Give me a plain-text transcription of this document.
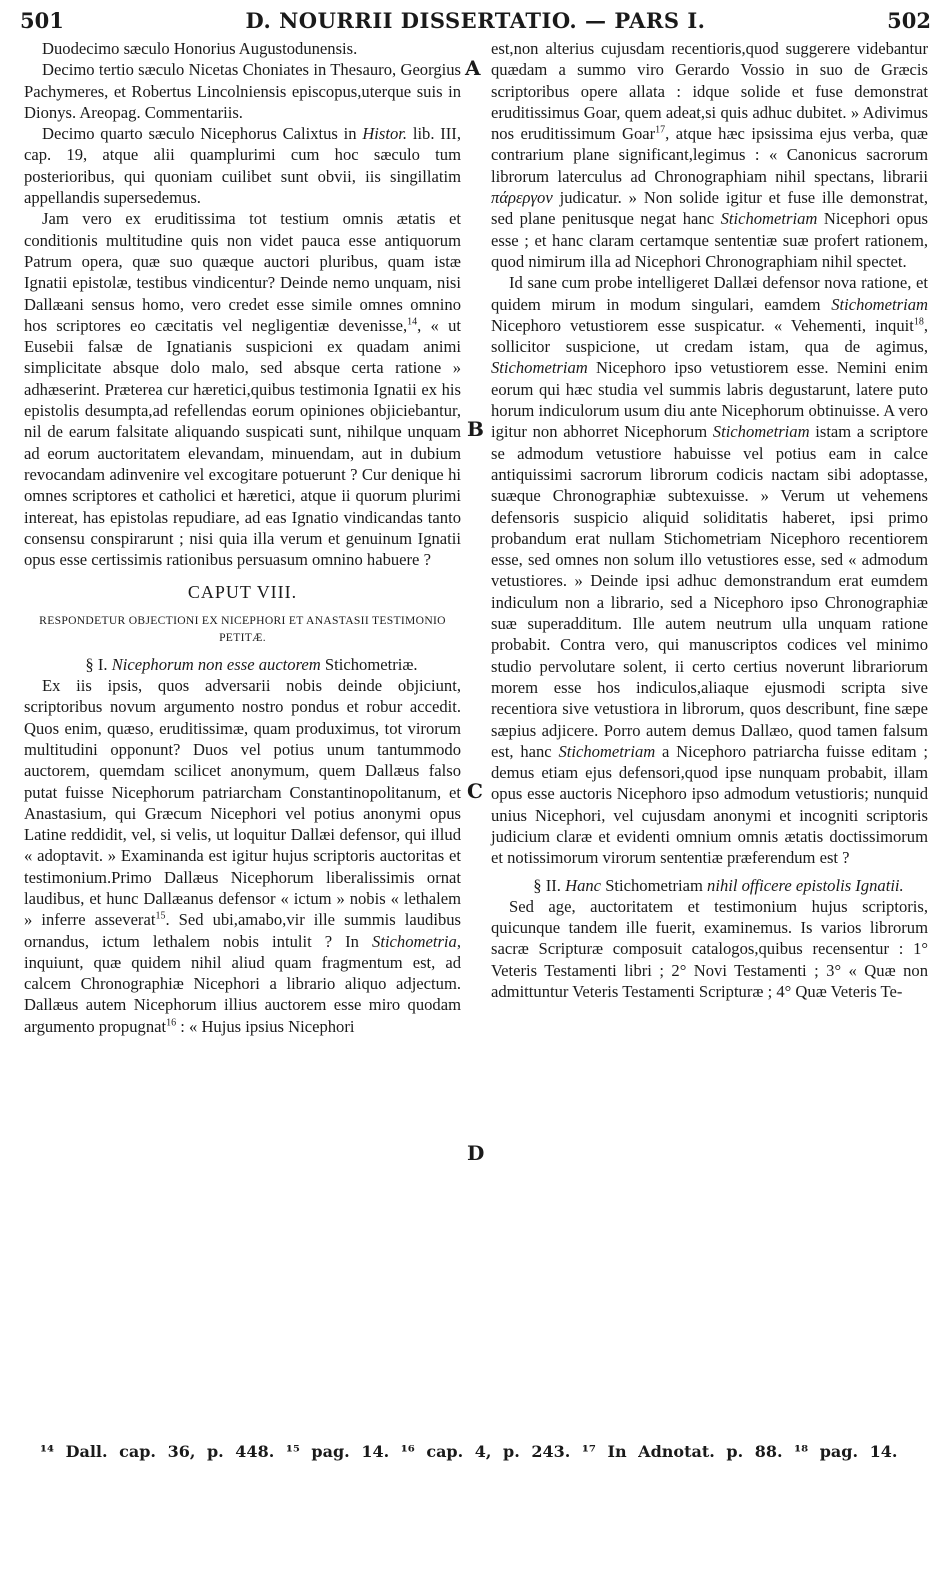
501	D. NOURRII DISSERTATIO. — PARS I.	502
A
B
C
D

Duodecimo sæculo Honorius Augustodunensis.

Decimo tertio sæculo Nicetas Choniates in Thesauro, Georgius Pachymeres, et Robertus Lincolniensis episcopus,uterque suis in Dionys. Areopag. Commentariis.

Decimo quarto sæculo Nicephorus Calixtus in Histor. lib. III, cap. 19, atque alii quamplurimi cum hoc sæculo tum posterioribus, qui quoniam cuilibet sunt obvii, iis singillatim appellandis supersedemus.

Jam vero ex eruditissima tot testium omnis ætatis et conditionis multitudine quis non videt pauca esse antiquorum Patrum opera, quæ suo quæque auctori pluribus, quam istæ Ignatii epistolæ, testibus vindicentur? Deinde nemo unquam, nisi Dallæani sensus homo, vero credet esse simile omnes omnino hos scriptores eo cæcitatis vel negligentiæ devenisse,$^{14}$, « ut Eusebii falsæ de Ignatianis suspicioni ex quadam animi simplicitate absque dolo malo, sed absque certa ratione » adhæserint. Præterea cur hæretici,quibus testimonia Ignatii ex his epistolis desumpta,ad refellendas eorum opiniones objiciebantur, nil de earum falsitate aliquando suspicati sunt, nihilque unquam ad eorum auctoritatem elevandam, minuendam, aut in dubium revocandam adinvenire vel excogitare potuerunt ? Cur denique hi omnes scriptores et catholici et hæretici, atque ii quorum plurimi intereat, has epistolas repudiare, ad eas Ignatio vindicandas tanto consensu conspirarunt ; nisi quia illa verum et genuinum Ignatii opus esse certissimis rationibus persuasum omnino habuere ?

CAPUT VIII.
RESPONDETUR OBJECTIONI EX NICEPHORI ET ANASTASII TESTIMONIO PETITÆ.

§ I. Nicephorum non esse auctorem Stichometriæ.

Ex iis ipsis, quos adversarii nobis deinde objiciunt, scriptoribus novum argumento nostro pondus et robur accedit. Quos enim, quæso, eruditissimæ, quam produximus, tot virorum multitudini opponunt? Duos vel potius unum tantummodo auctorem, quemdam scilicet anonymum, quem Dallæus falso putat fuisse Nicephorum patriarcham Constantinopolitanum, et Anastasium, qui Græcum Nicephori vel potius anonymi opus Latine reddidit, vel, si velis, ut loquitur Dallæi defensor, qui illud « adoptavit. » Examinanda est igitur hujus scriptoris auctoritas et testimonium.Primo Dallæus Nicephorum liberalissimis ornat laudibus, et hunc Dallæanus defensor « ictum » nobis « lethalem » inferre asseverat$^{15}$. Sed ubi,amabo,vir ille summis laudibus ornandus, ictum lethalem nobis intulit ? In Stichometria, inquiunt, quæ quidem nihil aliud quam fragmentum est, ad calcem Chronographiæ Nicephori a librario aliquo adjectum. Dallæus autem Nicephorum illius auctorem esse miro quodam argumento propugnat$^{16}$ : « Hujus ipsius Nicephori

est,non alterius cujusdam recentioris,quod suggerere videbantur quædam a summo viro Gerardo Vossio in suo de Græcis scriptoribus opere allata : idque solide et fuse demonstrat eruditissimus Goar, quem adeat,si quis adhuc dubitet. » Adivimus nos eruditissimum Goar$^{17}$, atque hæc ipsissima ejus verba, quæ contrarium plane significant,legimus : « Canonicus sacrorum librorum laterculus ad Chronographiam nihil spectans, librarii πάρεργον judicatur. » Non solide igitur et fuse ille demonstrat, sed plane penitusque negat hanc Stichometriam Nicephori opus esse ; et hanc claram certamque sententiæ suæ profert rationem, quod nimirum illa ad Nicephori Chronographiam nihil spectet.

Id sane cum probe intelligeret Dallæi defensor nova ratione, et quidem mirum in modum singulari, eamdem Stichometriam Nicephoro vetustiorem esse suspicatur. « Vehementi, inquit$^{18}$, sollicitor suspicione, ut credam istam, qua de agimus, Stichometriam Nicephoro ipso vetustiorem esse. Nemini enim eorum qui hæc studia vel summis labris degustarunt, latere puto horum indiculorum usum diu ante Nicephorum obtinuisse. A vero igitur non abhorret Nicephorum Stichometriam istam a scriptore se admodum vetustiore habuisse vel potius eam in calce antiquissimi sacrorum librorum codicis nactam sibi adoptasse, suæque Chronographiæ subtexuisse. » Verum ut vehemens defensoris suspicio aliquid soliditatis haberet, ipsi primo probandum erat nullam Stichometriam Nicephoro recentiorem esse, sed omnes non solum illo vetustiores esse, sed « admodum vetustiores. » Deinde ipsi adhuc demonstrandum erat eumdem indiculum non a librario, sed a Nicephoro ipso Chronographiæ suæ superadditum. Ille autem neutrum ulla unquam ratione probabit. Contra vero, qui manuscriptos codices vel minimo studio pervolutare solent, ii certo certius noverunt librariorum morem esse hos indiculos,aliaque ejusmodi scripta sive recentiora sive vetustiora in librorum, quos describunt, fine sæpe sæpius adjicere. Porro autem demus Dallæo, quod tamen falsum est, hanc Stichometriam a Nicephoro patriarcha fuisse editam ; demus etiam ejus defensori,quod ipse nunquam probabit, illam opus esse auctoris Nicephoro ipso admodum vetustioris; nunquid unius Nicephori, vel cujusdam anonymi et incogniti scriptoris judicium claræ et evidenti omnium omnis ætatis doctissimorum et notissimorum virorum sententiæ præferendum est ?

§ II. Hanc Stichometriam nihil officere epistolis Ignatii.

Sed age, auctoritatem et testimonium hujus scriptoris, quicunque tandem ille fuerit, examinemus. Is varios librorum sacræ Scripturæ composuit catalogos,quibus recensentur : 1° Veteris Testamenti libri ; 2° Novi Testamenti ; 3° « Quæ non admittuntur Veteris Testamenti Scripturæ ; 4° Quæ Veteris Te-

¹⁴ Dall. cap. 36, p. 448. ¹⁵ pag. 14. ¹⁶ cap. 4, p. 243. ¹⁷ In Adnotat. p. 88. ¹⁸ pag. 14.
